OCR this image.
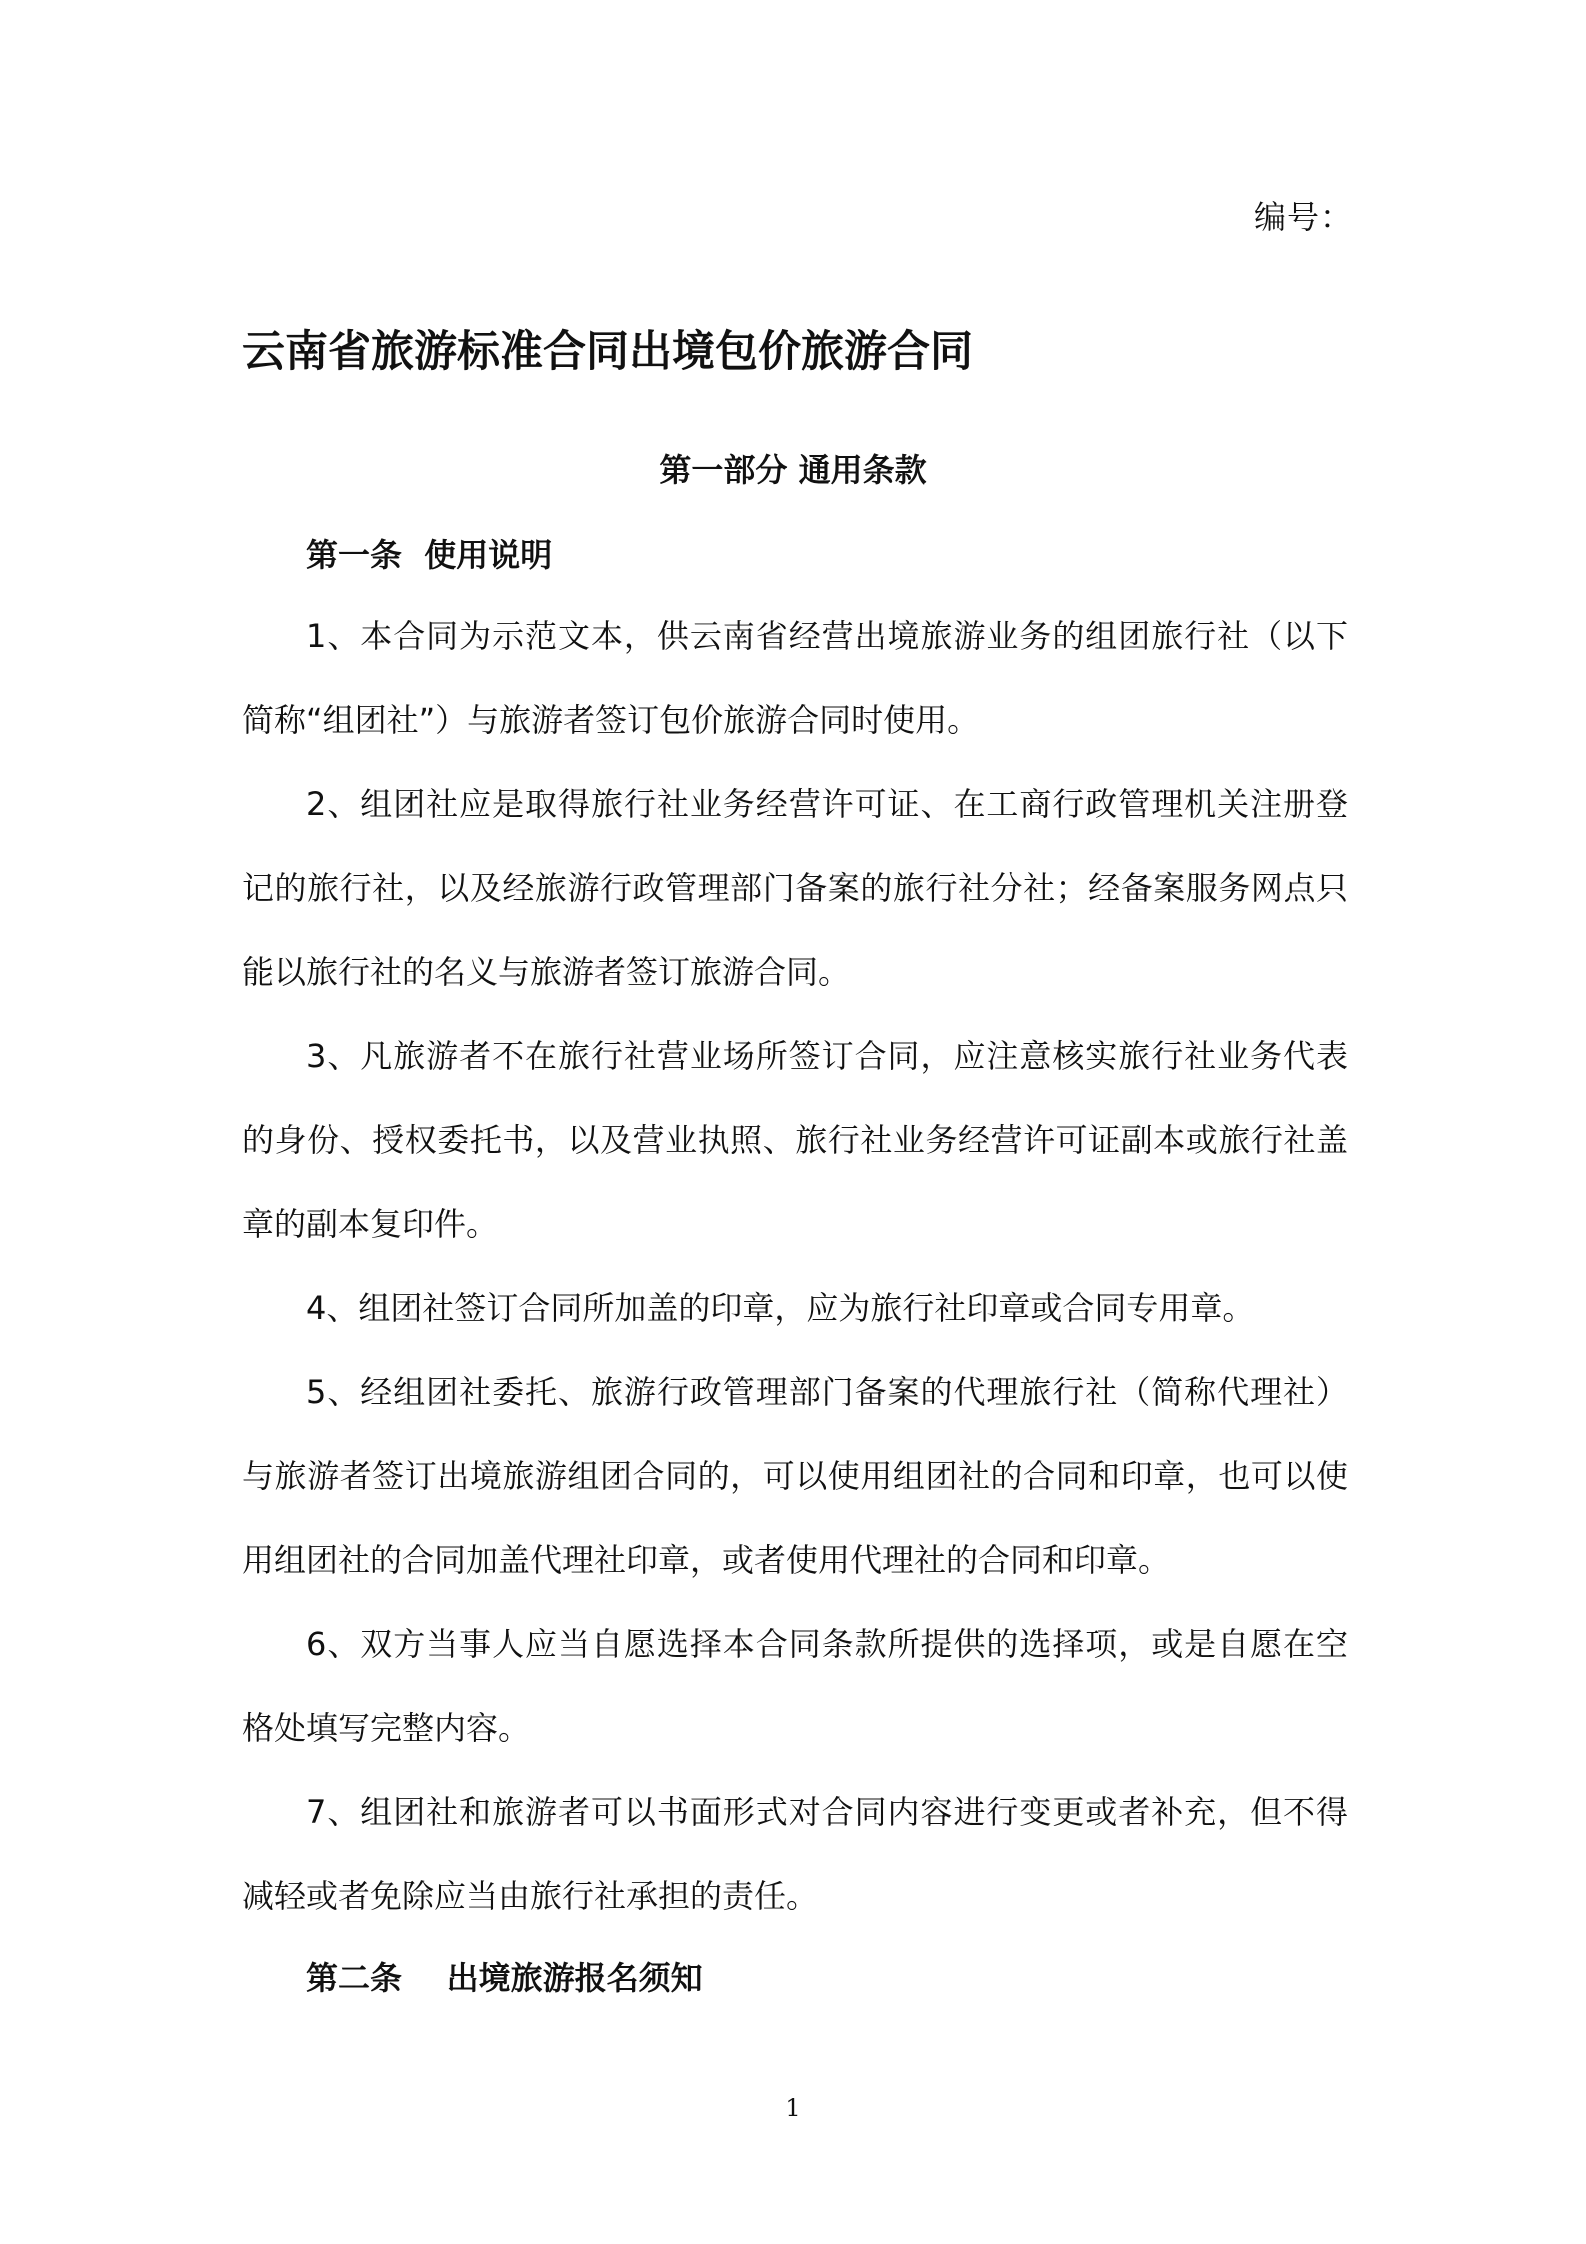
编号：
云南省旅游标准合同出境包价旅游合同
第一部分 通用条款
第一条  使用说明

1、本合同为示范文本，供云南省经营出境旅游业务的组团旅行社（以下简称“组团社”）与旅游者签订包价旅游合同时使用。

2、组团社应是取得旅行社业务经营许可证、在工商行政管理机关注册登记的旅行社，以及经旅游行政管理部门备案的旅行社分社；经备案服务网点只能以旅行社的名义与旅游者签订旅游合同。

3、凡旅游者不在旅行社营业场所签订合同，应注意核实旅行社业务代表的身份、授权委托书，以及营业执照、旅行社业务经营许可证副本或旅行社盖章的副本复印件。

4、组团社签订合同所加盖的印章，应为旅行社印章或合同专用章。

5、经组团社委托、旅游行政管理部门备案的代理旅行社（简称代理社）与旅游者签订出境旅游组团合同的，可以使用组团社的合同和印章，也可以使用组团社的合同加盖代理社印章，或者使用代理社的合同和印章。

6、双方当事人应当自愿选择本合同条款所提供的选择项，或是自愿在空格处填写完整内容。

7、组团社和旅游者可以书面形式对合同内容进行变更或者补充，但不得减轻或者免除应当由旅行社承担的责任。

第二条    出境旅游报名须知
1
